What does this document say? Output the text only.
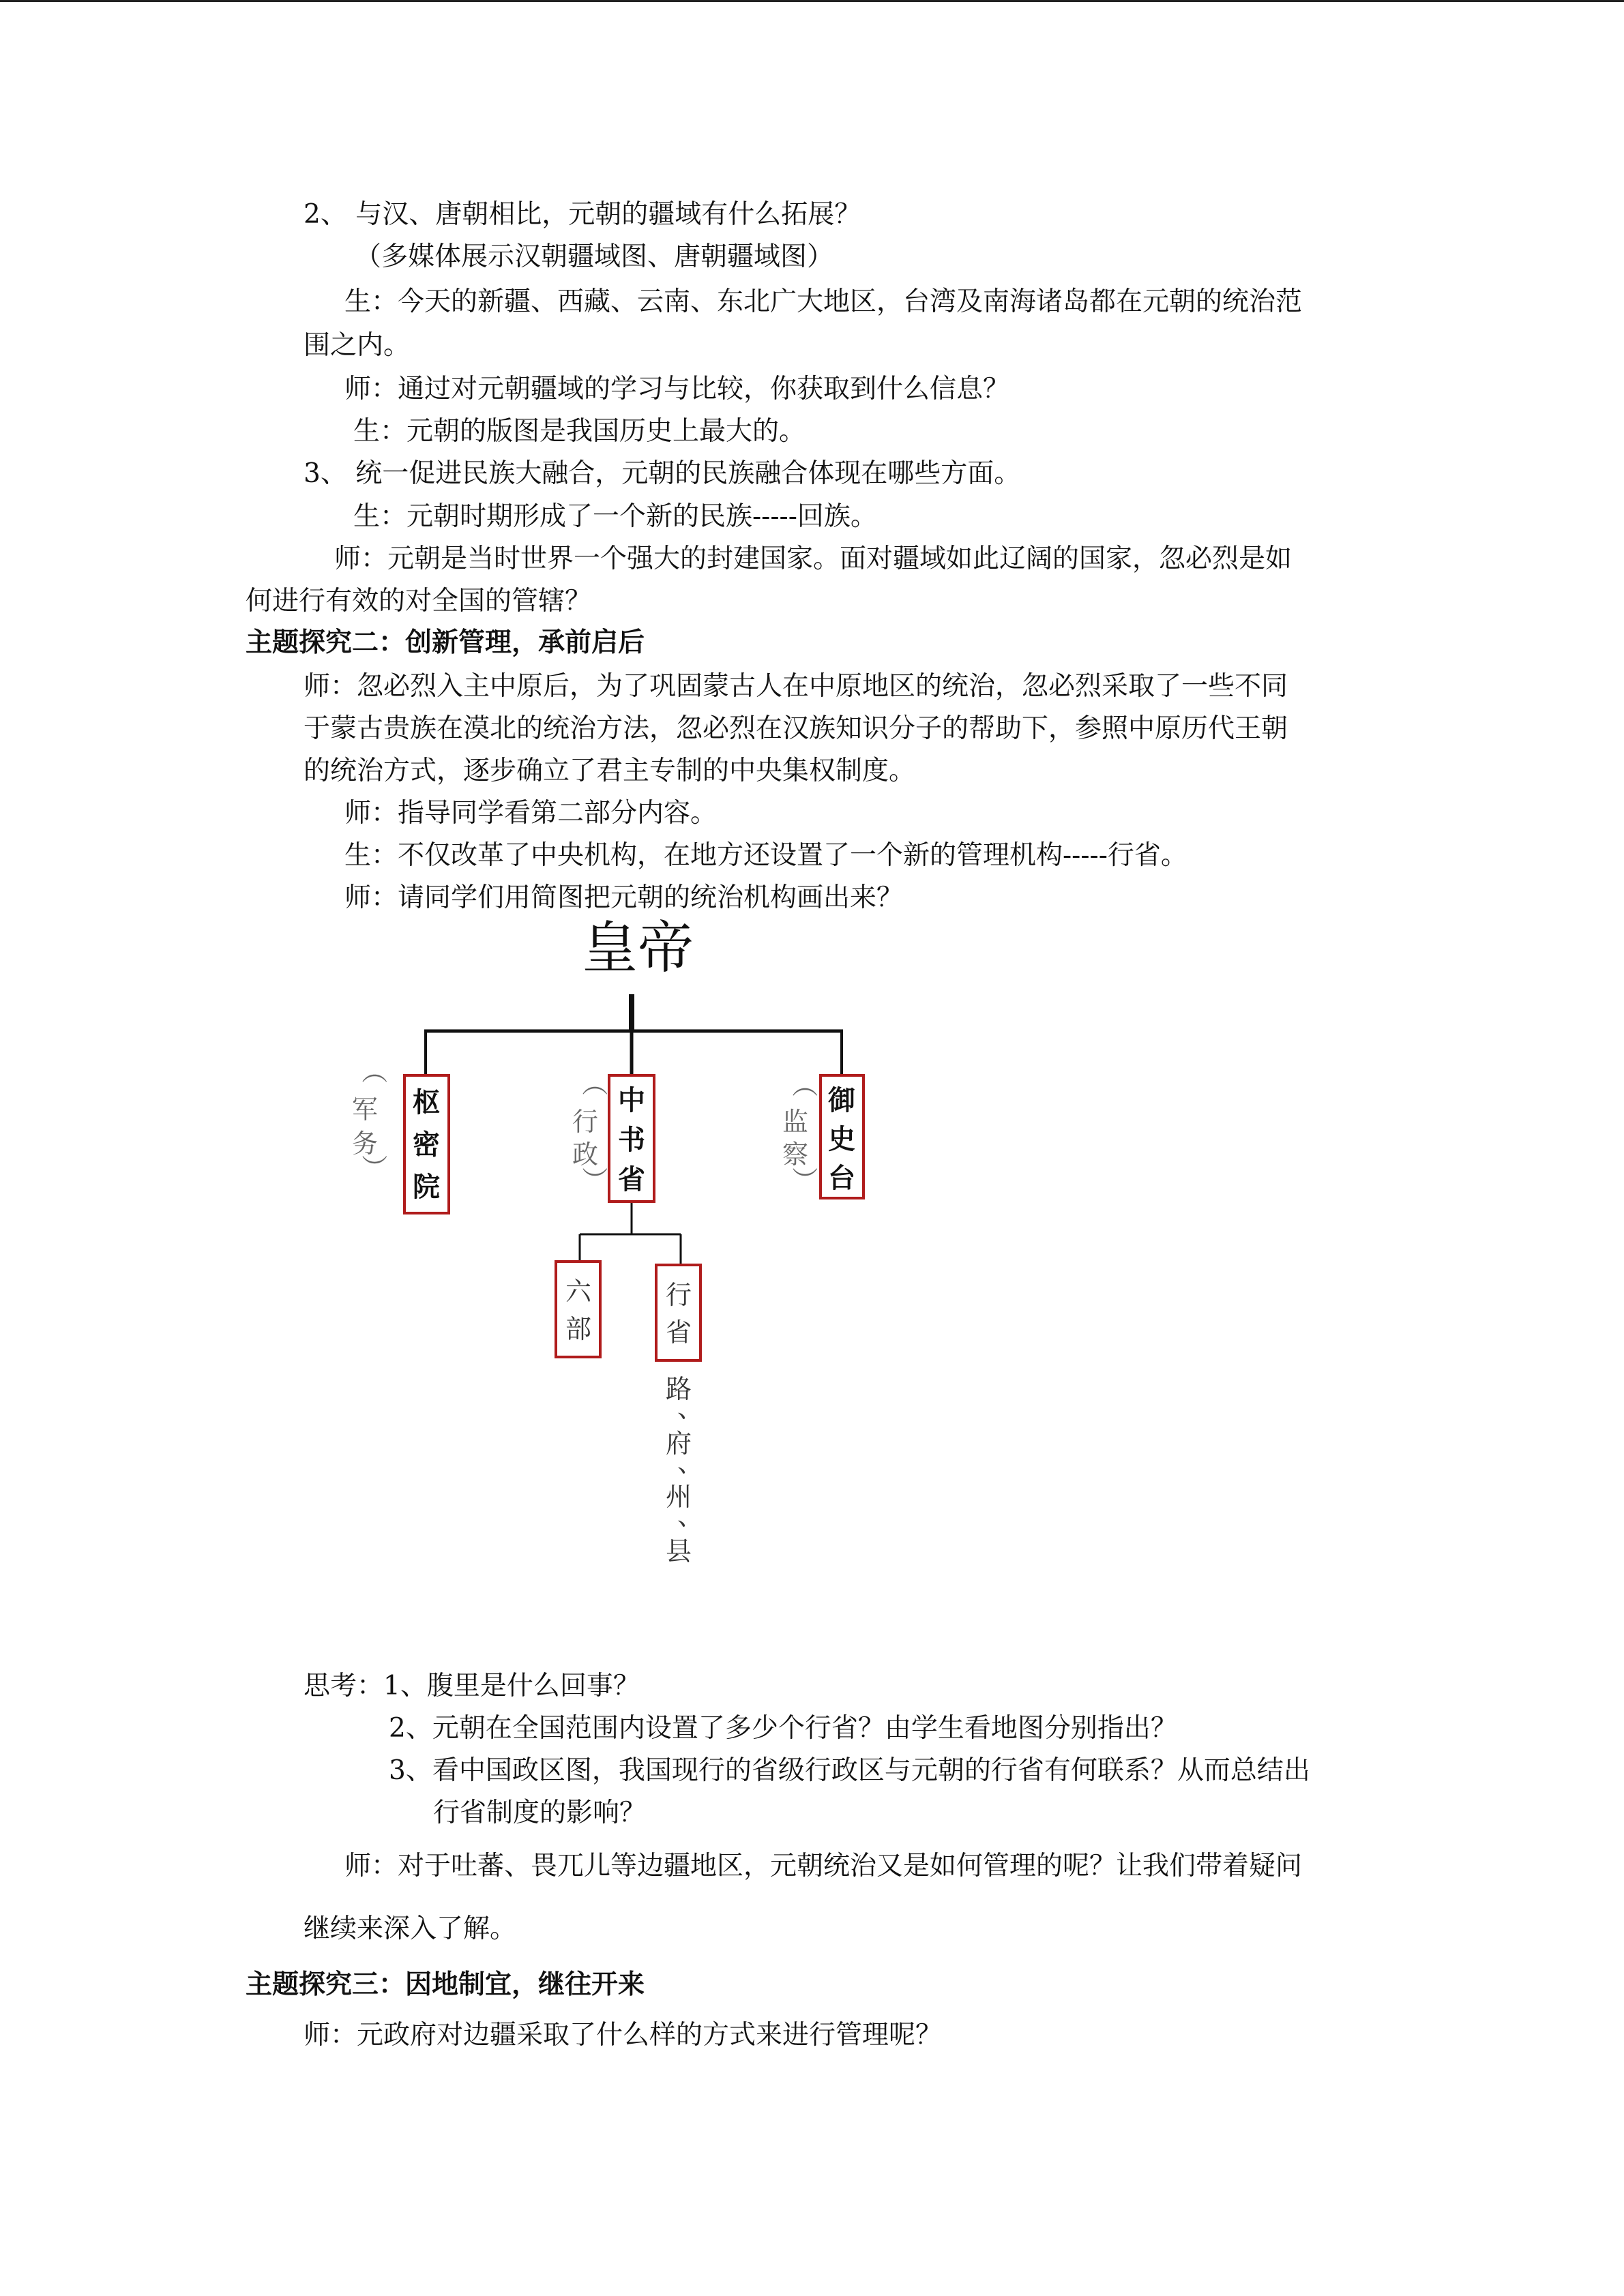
2、 与汉、唐朝相比，元朝的疆域有什么拓展？
（多媒体展示汉朝疆域图、唐朝疆域图）
生：今天的新疆、西藏、云南、东北广大地区，台湾及南海诸岛都在元朝的统治范
围之内。
师：通过对元朝疆域的学习与比较，你获取到什么信息？
生：元朝的版图是我国历史上最大的。
3、 统一促进民族大融合，元朝的民族融合体现在哪些方面。
生：元朝时期形成了一个新的民族-----回族。
师：元朝是当时世界一个强大的封建国家。面对疆域如此辽阔的国家，忽必烈是如
何进行有效的对全国的管辖？
主题探究二：创新管理，承前启后
师：忽必烈入主中原后，为了巩固蒙古人在中原地区的统治，忽必烈采取了一些不同
于蒙古贵族在漠北的统治方法，忽必烈在汉族知识分子的帮助下，参照中原历代王朝
的统治方式，逐步确立了君主专制的中央集权制度。
师：指导同学看第二部分内容。
生：不仅改革了中央机构，在地方还设置了一个新的管理机构-----行省。
师：请同学们用简图把元朝的统治机构画出来？
皇帝
枢
密
院
（
军
务
）
中
书
省
（
行
政
）
御
史
台
（
监
察
）
六
部
行
省
路
、
府
、
州
、
县
思考：1、腹里是什么回事？
2、元朝在全国范围内设置了多少个行省？由学生看地图分别指出？
3、看中国政区图，我国现行的省级行政区与元朝的行省有何联系？从而总结出
行省制度的影响？
师：对于吐蕃、畏兀儿等边疆地区，元朝统治又是如何管理的呢？让我们带着疑问
继续来深入了解。
主题探究三：因地制宜，继往开来
师：元政府对边疆采取了什么样的方式来进行管理呢？
